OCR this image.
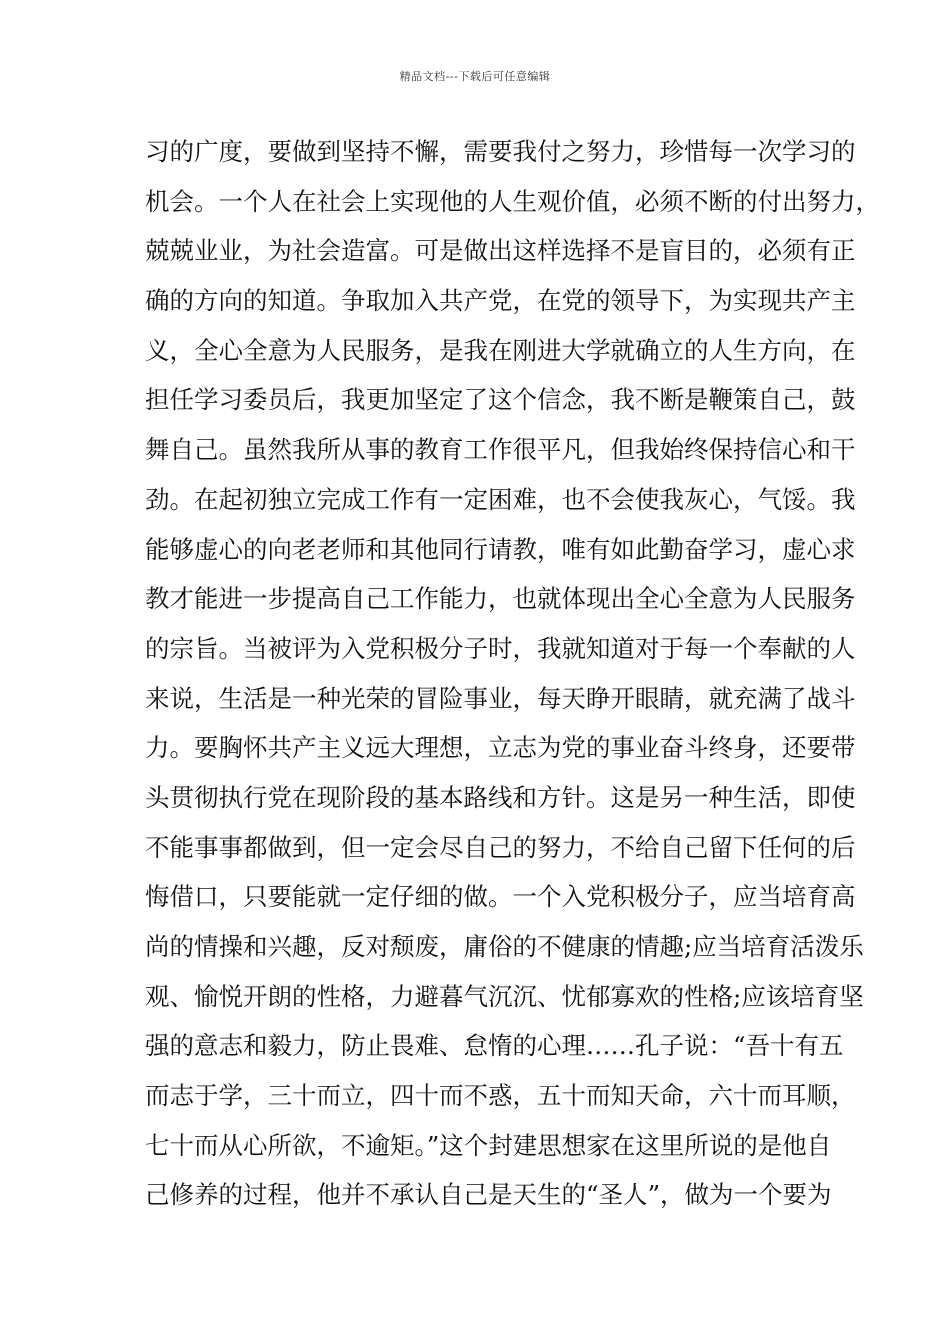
精品文档---下载后可任意编辑
习的广度，要做到坚持不懈，需要我付之努力，珍惜每一次学习的
机会。一个人在社会上实现他的人生观价值，必须不断的付出努力，
兢兢业业，为社会造富。可是做出这样选择不是盲目的，必须有正
确的方向的知道。争取加入共产党，在党的领导下，为实现共产主
义，全心全意为人民服务，是我在刚进大学就确立的人生方向，在
担任学习委员后，我更加坚定了这个信念，我不断是鞭策自己，鼓
舞自己。虽然我所从事的教育工作很平凡，但我始终保持信心和干
劲。在起初独立完成工作有一定困难，也不会使我灰心，气馁。我
能够虚心的向老老师和其他同行请教，唯有如此勤奋学习，虚心求
教才能进一步提高自己工作能力，也就体现出全心全意为人民服务
的宗旨。当被评为入党积极分子时，我就知道对于每一个奉献的人
来说，生活是一种光荣的冒险事业，每天睁开眼睛，就充满了战斗
力。要胸怀共产主义远大理想，立志为党的事业奋斗终身，还要带
头贯彻执行党在现阶段的基本路线和方针。这是另一种生活，即使
不能事事都做到，但一定会尽自己的努力，不给自己留下任何的后
悔借口，只要能就一定仔细的做。一个入党积极分子，应当培育高
尚的情操和兴趣，反对颓废，庸俗的不健康的情趣;应当培育活泼乐
观、愉悦开朗的性格，力避暮气沉沉、忧郁寡欢的性格;应该培育坚
强的意志和毅力，防止畏难、怠惰的心理……孔子说：“吾十有五
而志于学，三十而立，四十而不惑，五十而知天命，六十而耳顺，
七十而从心所欲，不逾矩。”这个封建思想家在这里所说的是他自
己修养的过程，他并不承认自己是天生的“圣人”，做为一个要为
